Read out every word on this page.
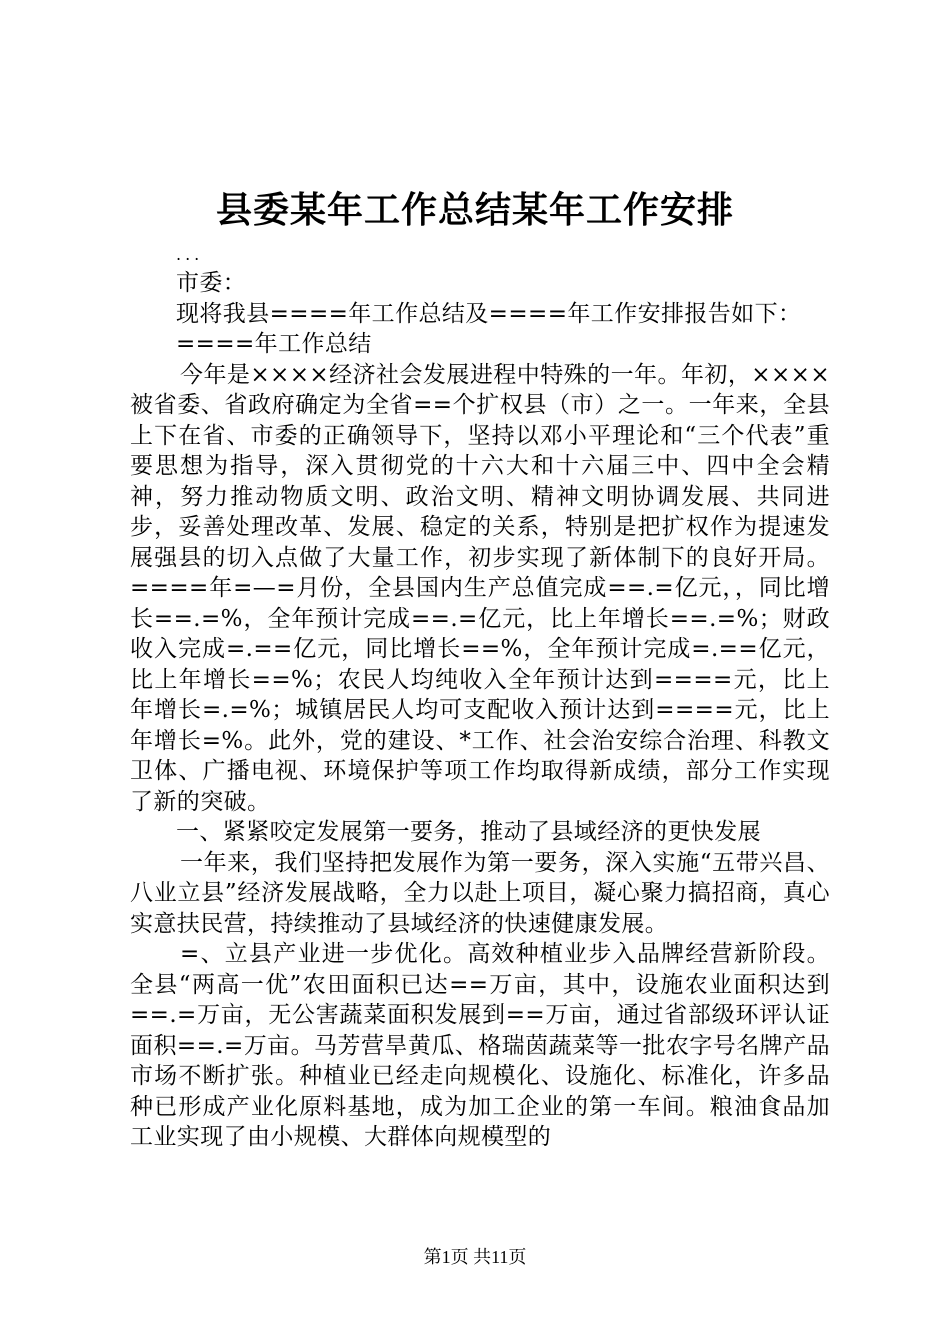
县委某年工作总结某年工作安排
...

市委：

现将我县====年工作总结及====年工作安排报告如下：

====年工作总结

今年是××××经济社会发展进程中特殊的一年。年初，××××被省委、省政府确定为全省==个扩权县（市）之一。一年来，全县上下在省、市委的正确领导下，坚持以邓小平理论和“三个代表”重要思想为指导，深入贯彻党的十六大和十六届三中、四中全会精神，努力推动物质文明、政治文明、精神文明协调发展、共同进步，妥善处理改革、发展、稳定的关系，特别是把扩权作为提速发展强县的切入点做了大量工作，初步实现了新体制下的良好开局。====年=—=月份，全县国内生产总值完成==.=亿元，，同比增长==.=%，全年预计完成==.=亿元，比上年增长==.=%；财政收入完成=.==亿元，同比增长==%，全年预计完成=.==亿元，比上年增长==%；农民人均纯收入全年预计达到====元，比上年增长=.=%；城镇居民人均可支配收入预计达到====元，比上年增长=%。此外，党的建设、*工作、社会治安综合治理、科教文卫体、广播电视、环境保护等项工作均取得新成绩，部分工作实现了新的突破。

一、紧紧咬定发展第一要务，推动了县域经济的更快发展

一年来，我们坚持把发展作为第一要务，深入实施“五带兴昌、八业立县”经济发展战略，全力以赴上项目，凝心聚力搞招商，真心实意扶民营，持续推动了县域经济的快速健康发展。

=、立县产业进一步优化。高效种植业步入品牌经营新阶段。全县“两高一优”农田面积已达==万亩，其中，设施农业面积达到==.=万亩，无公害蔬菜面积发展到==万亩，通过省部级环评认证面积==.=万亩。马芳营旱黄瓜、格瑞茵蔬菜等一批农字号名牌产品市场不断扩张。种植业已经走向规模化、设施化、标准化，许多品种已形成产业化原料基地，成为加工企业的第一车间。粮油食品加工业实现了由小规模、大群体向规模型的

第1页 共11页
